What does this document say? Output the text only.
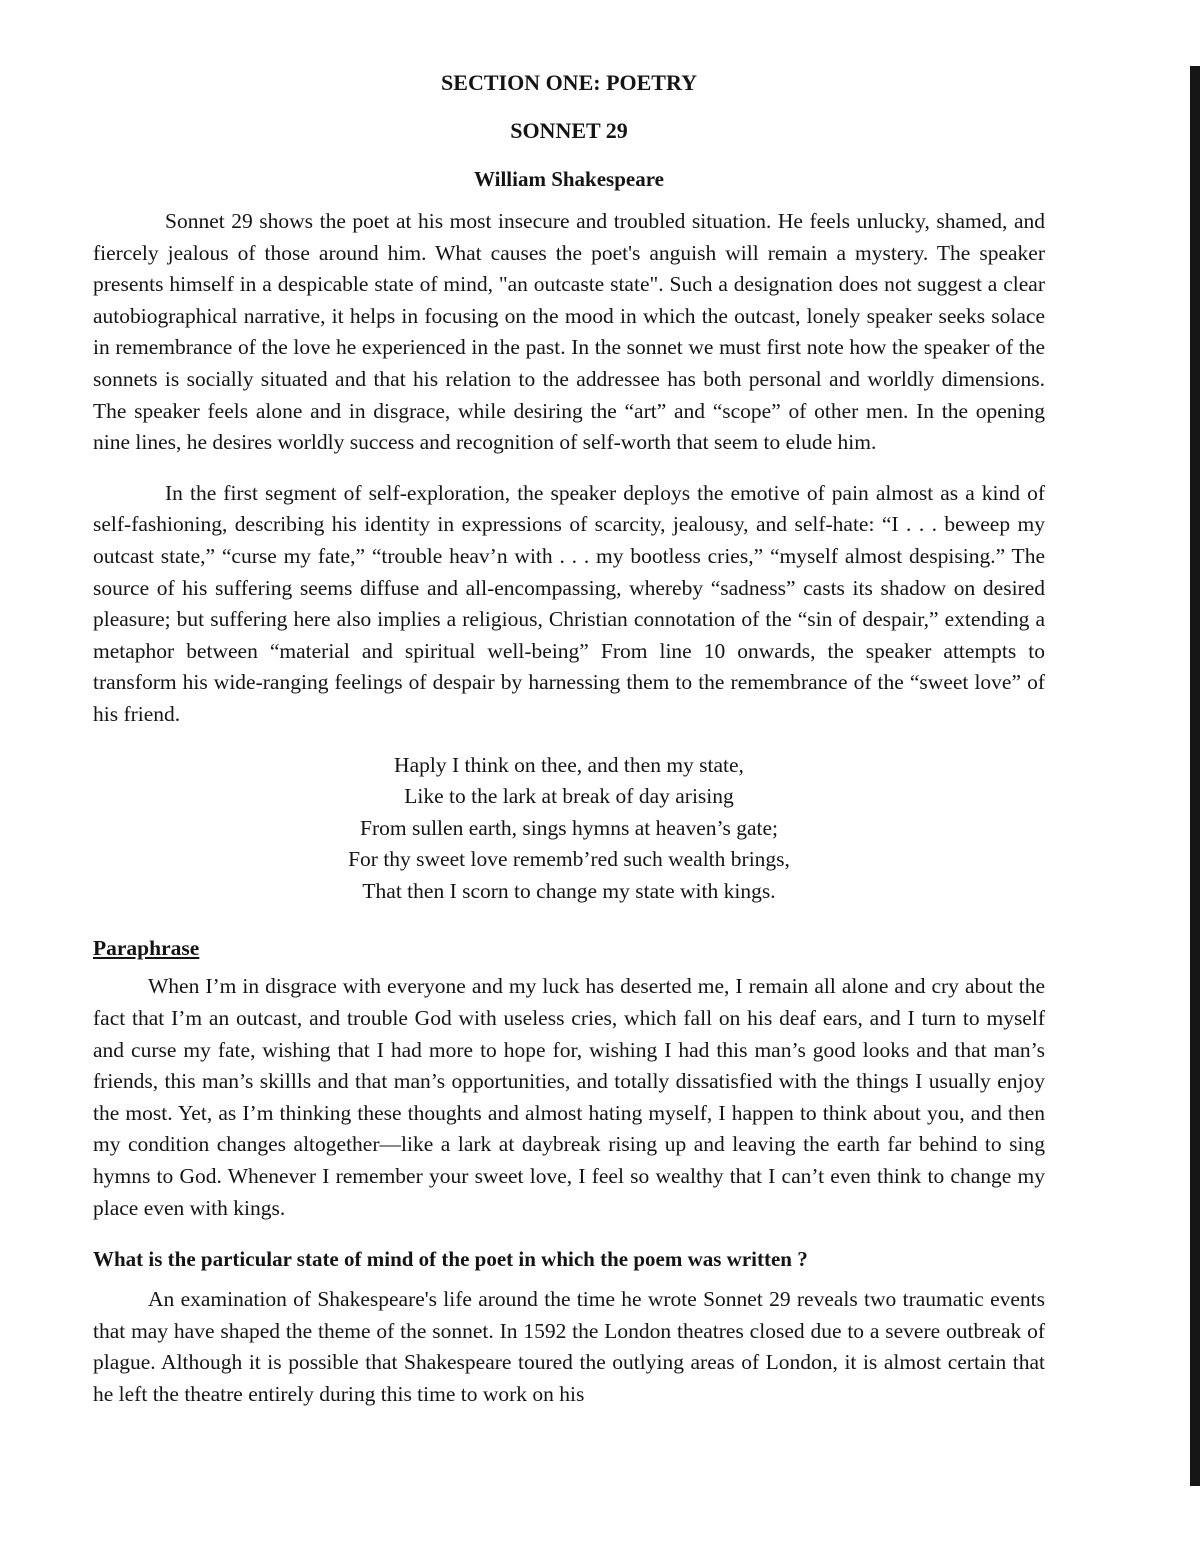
SECTION ONE: POETRY
SONNET 29
William Shakespeare

Sonnet 29 shows the poet at his most insecure and troubled situation. He feels unlucky, shamed, and fiercely jealous of those around him. What causes the poet's anguish will remain a mystery. The speaker presents himself in a despicable state of mind, "an outcaste state". Such a designation does not suggest a clear autobiographical narrative, it helps in focusing on the mood in which the outcast, lonely speaker seeks solace in remembrance of the love he experienced in the past. In the sonnet we must first note how the speaker of the sonnets is socially situated and that his relation to the addressee has both personal and worldly dimensions. The speaker feels alone and in disgrace, while desiring the “art” and “scope” of other men. In the opening nine lines, he desires worldly success and recognition of self-worth that seem to elude him.

In the first segment of self-exploration, the speaker deploys the emotive of pain almost as a kind of self-fashioning, describing his identity in expressions of scarcity, jealousy, and self-hate: “I . . . beweep my outcast state,” “curse my fate,” “trouble heav’n with . . . my bootless cries,” “myself almost despising.” The source of his suffering seems diffuse and all-encompassing, whereby “sadness” casts its shadow on desired pleasure; but suffering here also implies a religious, Christian connotation of the “sin of despair,” extending a metaphor between “material and spiritual well-being” From line 10 onwards, the speaker attempts to transform his wide-ranging feelings of despair by harnessing them to the remembrance of the “sweet love” of his friend.

Haply I think on thee, and then my state,
Like to the lark at break of day arising
From sullen earth, sings hymns at heaven’s gate;
For thy sweet love rememb’red such wealth brings,
That then I scorn to change my state with kings.
Paraphrase

When I’m in disgrace with everyone and my luck has deserted me, I remain all alone and cry about the fact that I’m an outcast, and trouble God with useless cries, which fall on his deaf ears, and I turn to myself and curse my fate, wishing that I had more to hope for, wishing I had this man’s good looks and that man’s friends, this man’s skillls and that man’s opportunities, and totally dissatisfied with the things I usually enjoy the most. Yet, as I’m thinking these thoughts and almost hating myself, I happen to think about you, and then my condition changes altogether—like a lark at daybreak rising up and leaving the earth far behind to sing hymns to God. Whenever I remember your sweet love, I feel so wealthy that I can’t even think to change my place even with kings.

What is the particular state of mind of the poet in which the poem was written ?

An examination of Shakespeare's life around the time he wrote Sonnet 29 reveals two traumatic events that may have shaped the theme of the sonnet. In 1592 the London theatres closed due to a severe outbreak of plague. Although it is possible that Shakespeare toured the outlying areas of London, it is almost certain that he left the theatre entirely during this time to work on his
